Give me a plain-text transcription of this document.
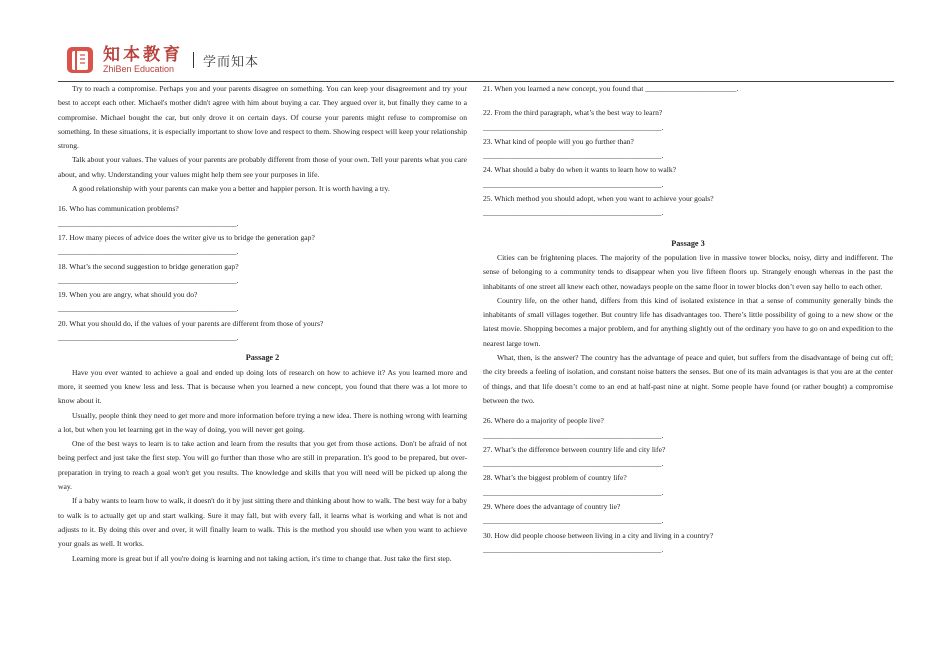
知本教育
ZhiBen Education	学而知本

Try to reach a compromise. Perhaps you and your parents disagree on something. You can keep your disagreement and try your best to accept each other. Michael's mother didn't agree with him about buying a car. They argued over it, but finally they came to a compromise. Michael bought the car, but only drove it on certain days. Of course your parents might refuse to compromise on something. In these situations, it is especially important to show love and respect to them. Showing respect will keep your relationship strong.

Talk about your values. The values of your parents are probably different from those of your own. Tell your parents what you care about, and why. Understanding your values might help them see your purposes in life.

A good relationship with your parents can make you a better and happier person. It is worth having a try.

16. Who has communication problems?

_______________________________________________.

17. How many pieces of advice does the writer give us to bridge the generation gap?

_______________________________________________.

18. What’s the second suggestion to bridge generation gap?

_______________________________________________.

19. When you are angry, what should you do?

_______________________________________________.

20. What you should do, if the values of your parents are different from those of yours?

_______________________________________________.

Passage 2

Have you ever wanted to achieve a goal and ended up doing lots of research on how to achieve it? As you learned more and more, it seemed you knew less and less. That is because when you learned a new concept, you found that there was a lot more to know about it.

Usually, people think they need to get more and more information before trying a new idea. There is nothing wrong with learning a lot, but when you let learning get in the way of doing, you will never get going.

One of the best ways to learn is to take action and learn from the results that you get from those actions. Don't be afraid of not being perfect and just take the first step. You will go further than those who are still in preparation. It's good to be prepared, but over-preparation in trying to reach a goal won't get you results. The knowledge and skills that you will need will be picked up along the way.

If a baby wants to learn how to walk, it doesn't do it by just sitting there and thinking about how to walk. The best way for a baby to walk is to actually get up and start walking. Sure it may fall, but with every fall, it learns what is working and what is not and adjusts to it. By doing this over and over, it will finally learn to walk. This is the method you should use when you want to achieve your goals as well. It works.

Learning more is great but if all you're doing is learning and not taking action, it's time to change that. Just take the first step.

21. When you learned a new concept, you found that ________________________.

22. From the third paragraph, what’s the best way to learn?

_______________________________________________.

23. What kind of people will you go further than?

_______________________________________________.

24. What should a baby do when it wants to learn how to walk?

_______________________________________________.

25. Which method you should adopt, when you want to achieve your goals?

_______________________________________________.

Passage 3

Cities can be frightening places. The majority of the population live in massive tower blocks, noisy, dirty and indifferent. The sense of belonging to a community tends to disappear when you live fifteen floors up. Strangely enough whereas in the past the inhabitants of one street all knew each other, nowadays people on the same floor in tower blocks don’t even say hello to each other.

Country life, on the other hand, differs from this kind of isolated existence in that a sense of community generally binds the inhabitants of small villages together. But country life has disadvantages too. There’s little possibility of going to a new show or the latest movie. Shopping becomes a major problem, and for anything slightly out of the ordinary you have to go on and expedition to the nearest large town.

What, then, is the answer? The country has the advantage of peace and quiet, but suffers from the disadvantage of being cut off; the city breeds a feeling of isolation, and constant noise batters the senses. But one of its main advantages is that you are at the center of things, and that life doesn’t come to an end at half-past nine at night. Some people have found (or rather bought) a compromise between the two.

26. Where do a majority of people live?

_______________________________________________.

27. What’s the difference between country life and city life?

_______________________________________________.

28. What’s the biggest problem of country life?

_______________________________________________.

29. Where does the advantage of country lie?

_______________________________________________.

30. How did people choose between living in a city and living in a country?

_______________________________________________.
